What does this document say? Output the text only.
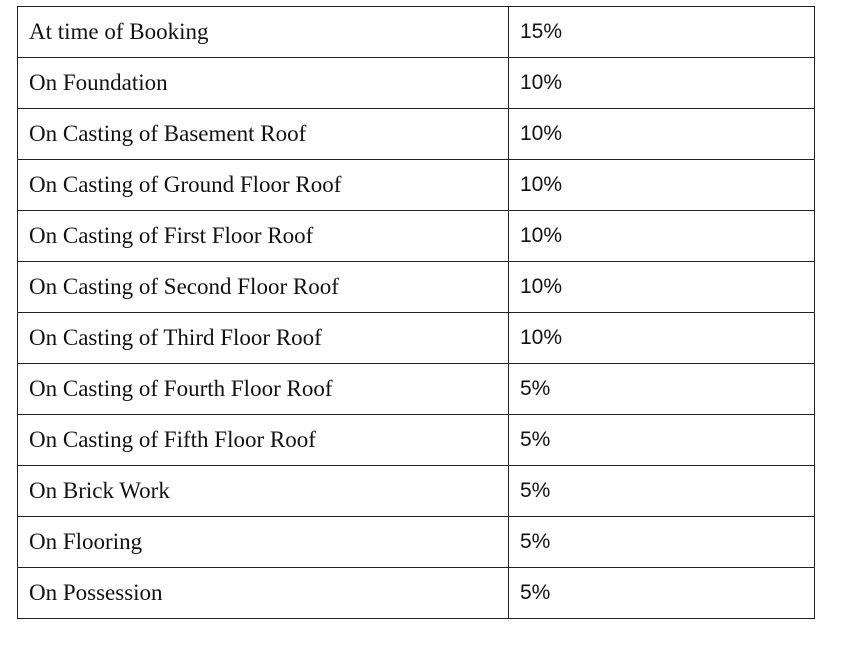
At time of Booking	15%
On Foundation	10%
On Casting of Basement Roof	10%
On Casting of Ground Floor Roof	10%
On Casting of First Floor Roof	10%
On Casting of Second Floor Roof	10%
On Casting of Third Floor Roof	10%
On Casting of Fourth Floor Roof	5%
On Casting of Fifth Floor Roof	5%
On Brick Work	5%
On Flooring	5%
On Possession	5%
